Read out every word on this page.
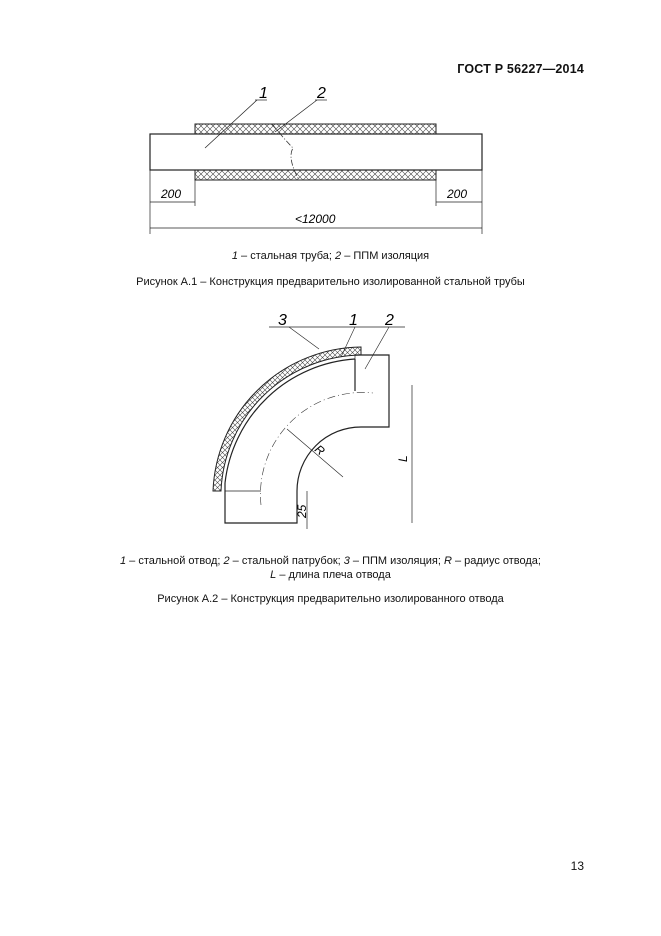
ГОСТ Р 56227—2014
1	2
200	200
<12000
1 – стальная труба; 2 – ППМ изоляция
Рисунок А.1 – Конструкция предварительно изолированной стальной трубы
R
L
25
3	1 2
1 – стальной отвод; 2 – стальной патрубок; 3 – ППМ изоляция; R – радиус отвода;
L – длина плеча отвода
Рисунок А.2 – Конструкция предварительно изолированного отвода
13
